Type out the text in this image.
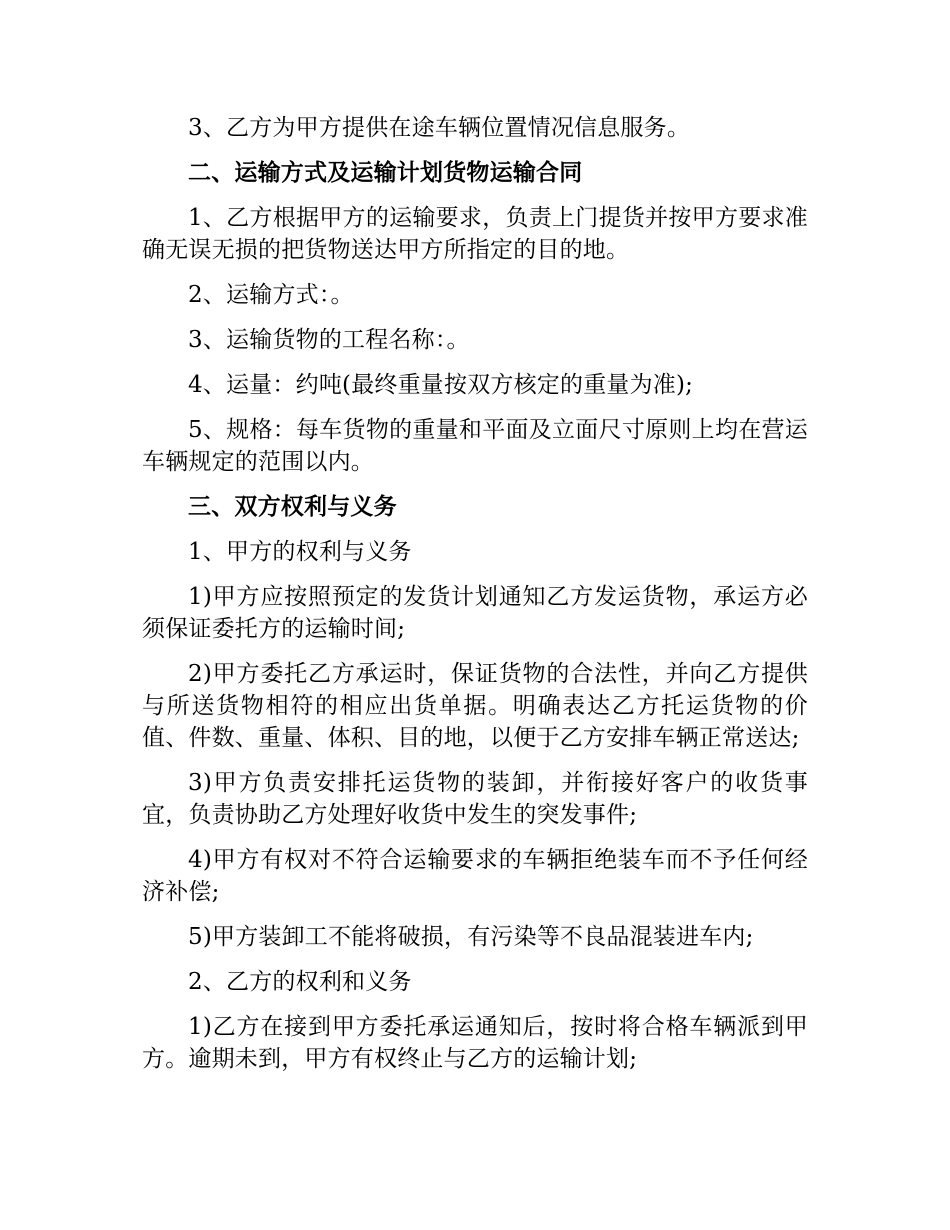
3、乙方为甲方提供在途车辆位置情况信息服务。

二、运输方式及运输计划货物运输合同

1、乙方根据甲方的运输要求，负责上门提货并按甲方要求准确无误无损的把货物送达甲方所指定的目的地。

2、运输方式：。

3、运输货物的工程名称：。

4、运量：约吨(最终重量按双方核定的重量为准);

5、规格：每车货物的重量和平面及立面尺寸原则上均在营运车辆规定的范围以内。

三、双方权利与义务

1、甲方的权利与义务

1)甲方应按照预定的发货计划通知乙方发运货物，承运方必须保证委托方的运输时间;

2)甲方委托乙方承运时，保证货物的合法性，并向乙方提供与所送货物相符的相应出货单据。明确表达乙方托运货物的价值、件数、重量、体积、目的地，以便于乙方安排车辆正常送达;

3)甲方负责安排托运货物的装卸，并衔接好客户的收货事宜，负责协助乙方处理好收货中发生的突发事件;

4)甲方有权对不符合运输要求的车辆拒绝装车而不予任何经济补偿;

5)甲方装卸工不能将破损，有污染等不良品混装进车内;

2、乙方的权利和义务

1)乙方在接到甲方委托承运通知后，按时将合格车辆派到甲方。逾期未到，甲方有权终止与乙方的运输计划;
